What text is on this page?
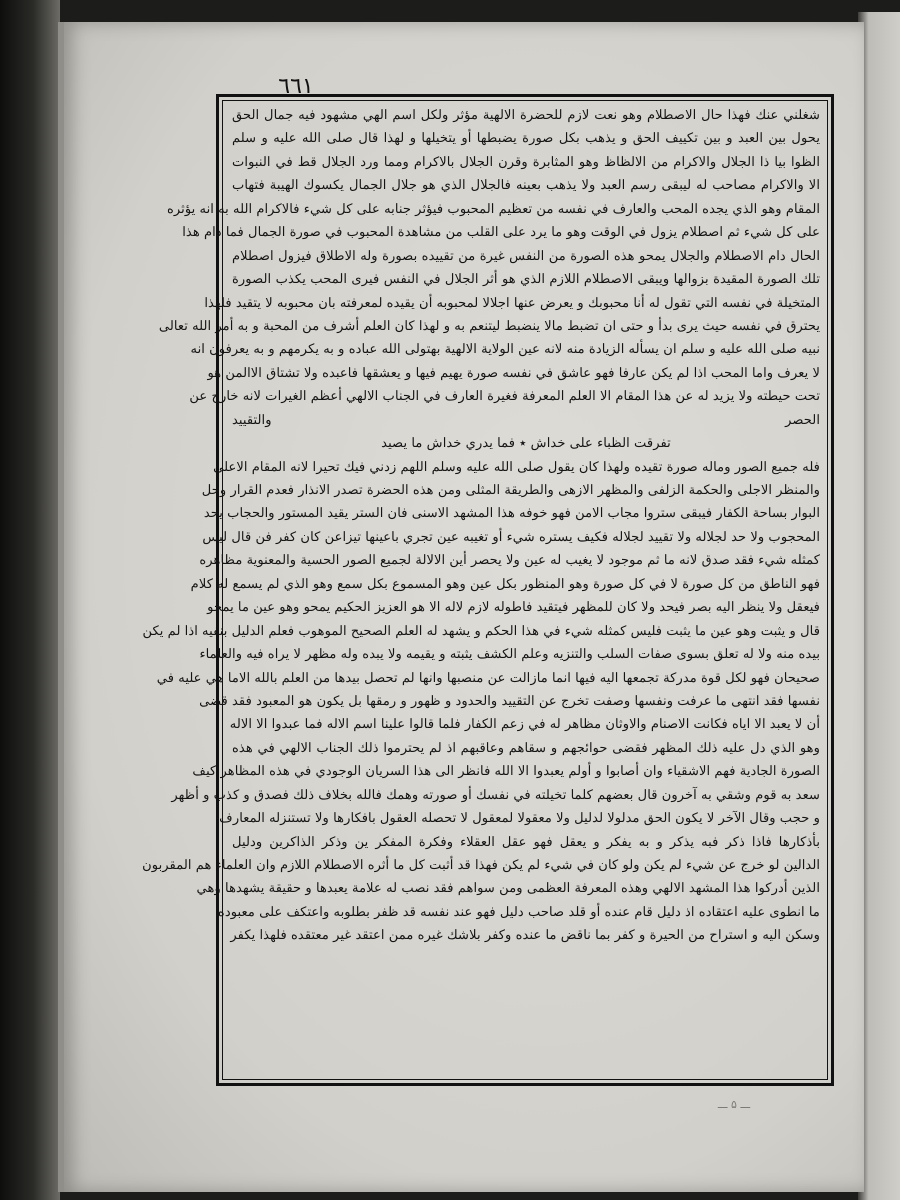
٦٦١
شغلني عنك فهذا حال الاصطلام وهو نعت لازم للحضرة الالهية مؤثر ولكل اسم الهي مشهود فيه جمال الحق
يحول بين العبد و بين تكييف الحق و يذهب بكل صورة يضبطها أو يتخيلها و لهذا قال صلى الله عليه و سلم
الظوا بيا ذا الجلال والاكرام من الالظاظ وهو المثابرة وقرن الجلال بالاكرام ومما ورد الجلال قط في النبوات
الا والاكرام مصاحب له ليبقى رسم العبد ولا يذهب بعينه فالجلال الذي هو جلال الجمال يكسوك الهيبة فتهاب
المقام وهو الذي يجده المحب والعارف في نفسه من تعظيم المحبوب فيؤثر جنابه على كل شيء فالاكرام الله به انه يؤثره
على كل شيء ثم اصطلام يزول في الوقت وهو ما يرد على القلب من مشاهدة المحبوب في صورة الجمال فما دام هذا
الحال دام الاصطلام والجلال يمحو هذه الصورة من النفس غيرة من تقييده بصورة وله الاطلاق فيزول اصطلام
تلك الصورة المقيدة بزوالها ويبقى الاصطلام اللازم الذي هو أثر الجلال في النفس فيرى المحب يكذب الصورة
المتخيلة في نفسه التي تقول له أنا محبوبك و يعرض عنها اجلالا لمحبوبه أن يقيده لمعرفته بان محبوبه لا يتقيد فلهذا
يحترق في نفسه حيث يرى بدأ و حتى ان تضبط مالا ينضبط ليتنعم به و لهذا كان العلم أشرف من المحبة و به أمر الله تعالى
نبيه صلى الله عليه و سلم ان يسأله الزيادة منه لانه عين الولاية الالهية بهتولى الله عباده و به يكرمهم و به يعرفون انه
لا يعرف واما المحب اذا لم يكن عارفا فهو عاشق في نفسه صورة يهيم فيها و يعشقها فاعبده ولا تشتاق الاالمن هو
تحت حيطته ولا يزيد له عن هذا المقام الا العلم المعرفة فغيرة العارف في الجناب الالهي أعظم الغيرات لانه خارج عن
الحصر والتقييد
تفرقت الظباء على خداش ٭ فما يدري خداش ما يصيد
فله جميع الصور وماله صورة تقيده ولهذا كان يقول صلى الله عليه وسلم اللهم زدني فيك تحيرا لانه المقام الاعلى
والمنظر الاجلى والحكمة الزلفى والمظهر الازهى والطريقة المثلى ومن هذه الحضرة تصدر الانذار فعدم القرار وحل
البوار بساحة الكفار فيبقى ستروا مجاب الامن فهو خوفه هذا المشهد الاسنى فان الستر يقيد المستور والحجاب يحد
المحجوب ولا حد لجلاله ولا تقييد لجلاله فكيف يستره شيء أو تغيبه عين تجري باعينها تيزاعن كان كفر فن قال ليس
كمثله شيء فقد صدق لانه ما ثم موجود لا يغيب له عين ولا يحصر أين الالالة لجميع الصور الحسية والمعنوية مظاهره
فهو الناطق من كل صورة لا في كل صورة وهو المنظور بكل عين وهو المسموع بكل سمع وهو الذي لم يسمع له كلام
فيعقل ولا ينظر اليه بصر فيحد ولا كان للمظهر فيتقيد فاطوله لازم لاله الا هو العزيز الحكيم يمحو وهو عين ما يمحو
قال و يثبت وهو عين ما يثبت فليس كمثله شيء في هذا الحكم و يشهد له العلم الصحيح الموهوب فعلم الدليل بنفيه اذا لم يكن
بيده منه ولا له تعلق بسوى صفات السلب والتنزيه وعلم الكشف يثبته و يقيمه ولا يبده وله مظهر لا يراه فيه والعلماء
صحيحان فهو لكل قوة مدركة تجمعها اليه فيها انما مازالت عن منصبها وانها لم تحصل بيدها من العلم بالله الاما هي عليه في
نفسها فقد انتهى ما عرفت ونفسها وصفت تخرج عن التقييد والحدود و ظهور و رمقها بل يكون هو المعبود فقد قضى
أن لا يعبد الا اياه فكانت الاصنام والاوثان مظاهر له في زعم الكفار فلما قالوا علينا اسم الاله فما عبدوا الا الاله
وهو الذي دل عليه ذلك المظهر فقضى حوائجهم و سقاهم وعاقبهم اذ لم يحترموا ذلك الجناب الالهي في هذه
الصورة الجادية فهم الاشقياء وان أصابوا و أولم يعبدوا الا الله فانظر الى هذا السريان الوجودي في هذه المظاهر كيف
سعد به قوم وشقي به آخرون قال بعضهم كلما تخيلته في نفسك أو صورته وهمك فالله بخلاف ذلك فصدق و كذب و أظهر
و حجب وقال الآخر لا يكون الحق مدلولا لدليل ولا معقولا لمعقول لا تحصله العقول بافكارها ولا تستنزله المعارف
بأذكارها فاذا ذكر فبه يذكر و به يفكر و يعقل فهو عقل العقلاء وفكرة المفكر ين وذكر الذاكرين ودليل
الدالين لو خرج عن شيء لم يكن ولو كان في شيء لم يكن فهذا قد أثبت كل ما أثره الاصطلام اللازم وان العلماء هم المقربون
الذين أدركوا هذا المشهد الالهي وهذه المعرفة العظمى ومن سواهم فقد نصب له علامة يعبدها و حقيقة يشهدها وهي
ما انطوى عليه اعتقاده اذ دليل قام عنده أو قلد صاحب دليل فهو عند نفسه قد ظفر بطلوبه واعتكف على معبوده
وسكن اليه و استراح من الحيرة و كفر بما ناقض ما عنده وكفر بلاشك غيره ممن اعتقد غير معتقده فلهذا يكفر
ـــ ۵ ـــ
